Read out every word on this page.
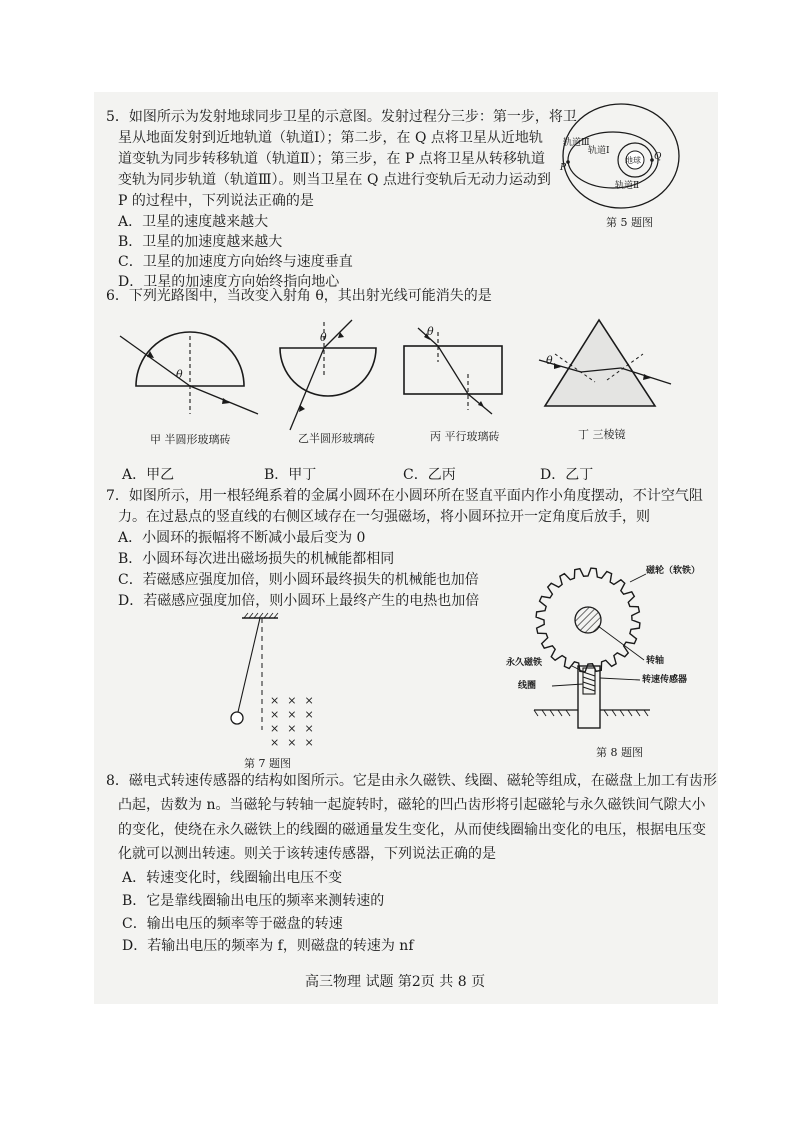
5．如图所示为发射地球同步卫星的示意图。发射过程分三步：第一步，将卫
星从地面发射到近地轨道（轨道Ⅰ）；第二步，在 Q 点将卫星从近地轨
道变轨为同步转移轨道（轨道Ⅱ）；第三步，在 P 点将卫星从转移轨道
变轨为同步轨道（轨道Ⅲ）。则当卫星在 Q 点进行变轨后无动力运动到
P 的过程中，下列说法正确的是
A．卫星的速度越来越大
B．卫星的加速度越来越大
C．卫星的加速度方向始终与速度垂直
D．卫星的加速度方向始终指向地心
轨道Ⅲ
轨道Ⅰ
地球
轨道Ⅱ
P
Q
第 5 题图
6．下列光路图中，当改变入射角 θ，其出射光线可能消失的是
θ
θ	θ
θ
甲 半圆形玻璃砖	乙半圆形玻璃砖	丙 平行玻璃砖	丁 三棱镜
A．甲乙	B．甲丁	C．乙丙	D．乙丁
7．如图所示，用一根轻绳系着的金属小圆环在小圆环所在竖直平面内作小角度摆动，不计空气阻
力。在过悬点的竖直线的右侧区域存在一匀强磁场，将小圆环拉开一定角度后放手，则
A．小圆环的振幅将不断减小最后变为 0
B．小圆环每次进出磁场损失的机械能都相同
C．若磁感应强度加倍，则小圆环最终损失的机械能也加倍
D．若磁感应强度加倍，则小圆环上最终产生的电热也加倍
×××
×××
×××
×××
第 7 题图
磁轮（软铁）
转轴
永久磁铁
线圈
转速传感器
第 8 题图
8．磁电式转速传感器的结构如图所示。它是由永久磁铁、线圈、磁轮等组成，在磁盘上加工有齿形
凸起，齿数为 n。当磁轮与转轴一起旋转时，磁轮的凹凸齿形将引起磁轮与永久磁铁间气隙大小
的变化，使绕在永久磁铁上的线圈的磁通量发生变化，从而使线圈输出变化的电压，根据电压变
化就可以测出转速。则关于该转速传感器，下列说法正确的是
A．转速变化时，线圈输出电压不变
B．它是靠线圈输出电压的频率来测转速的
C．输出电压的频率等于磁盘的转速
D．若输出电压的频率为 f，则磁盘的转速为 nf
高三物理 试题 第2页 共 8 页
